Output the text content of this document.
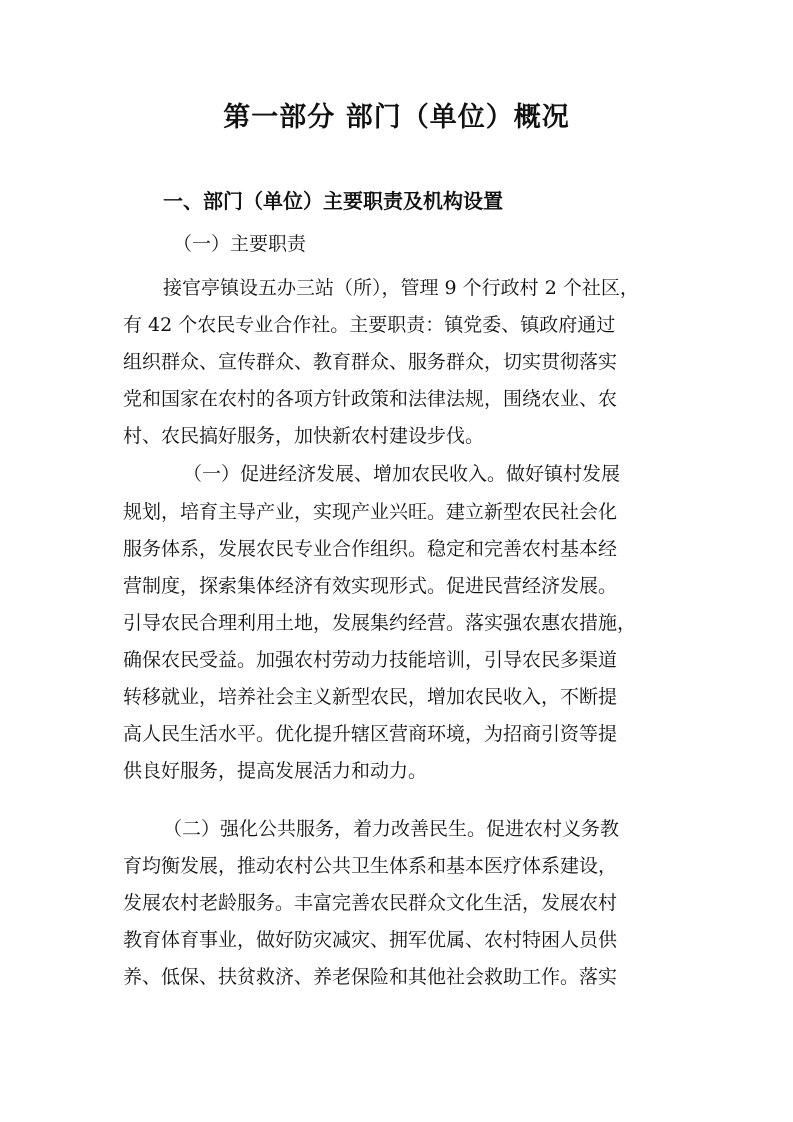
第一部分 部门（单位）概况
一、部门（单位）主要职责及机构设置
（一）主要职责
接官亭镇设五办三站（所），管理 9 个行政村 2 个社区，
有 42 个农民专业合作社。主要职责：镇党委、镇政府通过
组织群众、宣传群众、教育群众、服务群众，切实贯彻落实
党和国家在农村的各项方针政策和法律法规，围绕农业、农
村、农民搞好服务，加快新农村建设步伐。
（一）促进经济发展、增加农民收入。做好镇村发展
规划，培育主导产业，实现产业兴旺。建立新型农民社会化
服务体系，发展农民专业合作组织。稳定和完善农村基本经
营制度，探索集体经济有效实现形式。促进民营经济发展。
引导农民合理利用土地，发展集约经营。落实强农惠农措施，
确保农民受益。加强农村劳动力技能培训，引导农民多渠道
转移就业，培养社会主义新型农民，增加农民收入，不断提
高人民生活水平。优化提升辖区营商环境，为招商引资等提
供良好服务，提高发展活力和动力。
（二）强化公共服务，着力改善民生。促进农村义务教
育均衡发展，推动农村公共卫生体系和基本医疗体系建设，
发展农村老龄服务。丰富完善农民群众文化生活，发展农村
教育体育事业，做好防灾减灾、拥军优属、农村特困人员供
养、低保、扶贫救济、养老保险和其他社会救助工作。落实
